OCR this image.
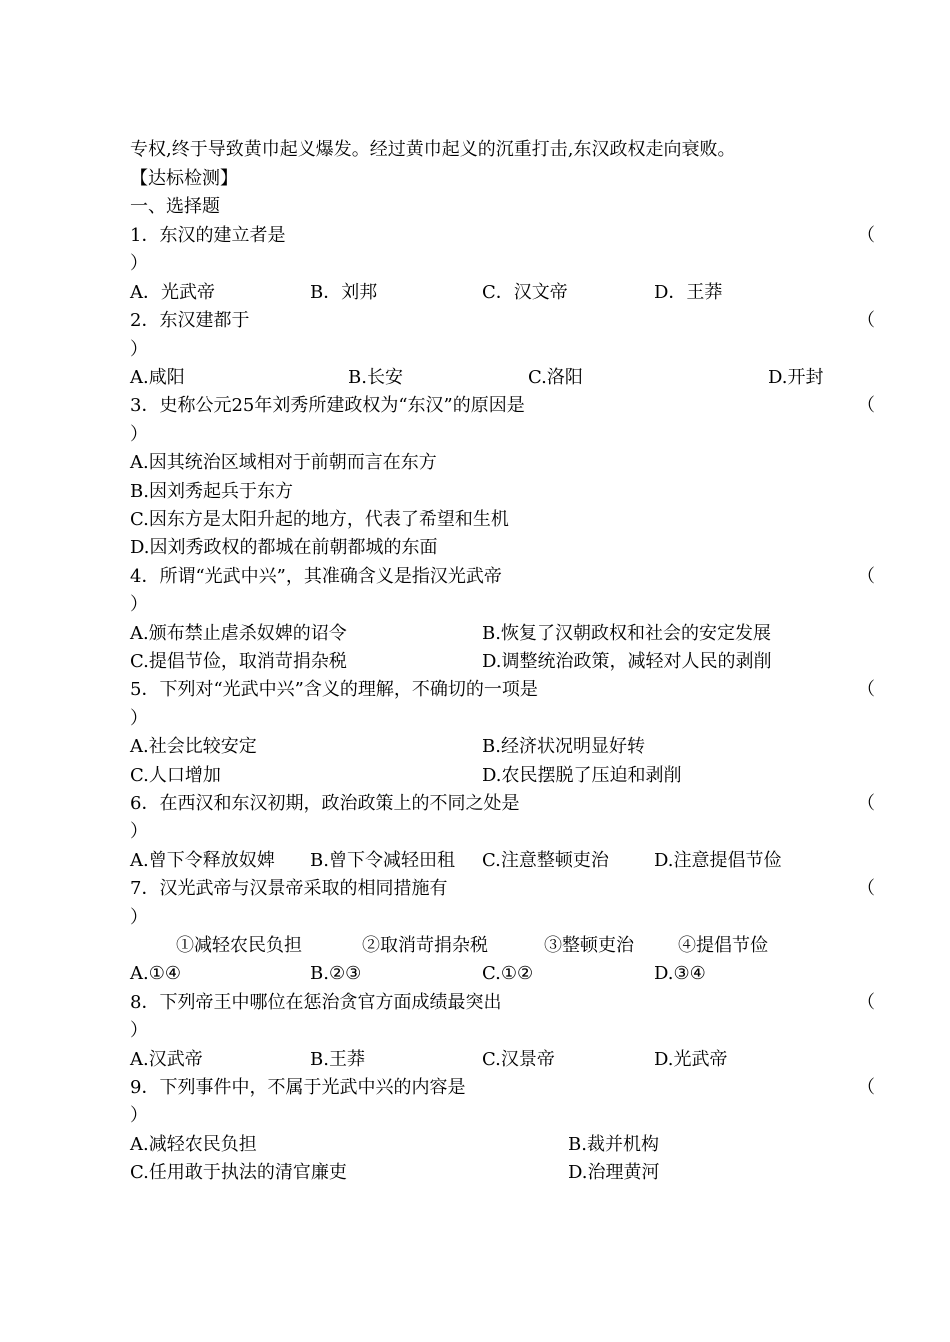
专权,终于导致黄巾起义爆发。经过黄巾起义的沉重打击,东汉政权走向衰败。
【达标检测】
一、选择题
1．东汉的建立者是	（
）
A．光武帝	B．刘邦	C．汉文帝	D．王莽
2．东汉建都于	（
）
A.咸阳	B.长安	C.洛阳	D.开封
3．史称公元25年刘秀所建政权为“东汉”的原因是	（
）
A.因其统治区域相对于前朝而言在东方
B.因刘秀起兵于东方
C.因东方是太阳升起的地方，代表了希望和生机
D.因刘秀政权的都城在前朝都城的东面
4．所谓“光武中兴”，其准确含义是指汉光武帝	（
）
A.颁布禁止虐杀奴婢的诏令	B.恢复了汉朝政权和社会的安定发展
C.提倡节俭，取消苛捐杂税	D.调整统治政策，减轻对人民的剥削
5．下列对“光武中兴”含义的理解，不确切的一项是	（
）
A.社会比较安定	B.经济状况明显好转
C.人口增加	D.农民摆脱了压迫和剥削
6．在西汉和东汉初期，政治政策上的不同之处是	（
）
A.曾下令释放奴婢 B.曾下令减轻田租 C.注意整顿吏治	D.注意提倡节俭
7．汉光武帝与汉景帝采取的相同措施有	（
）
①减轻农民负担	②取消苛捐杂税	③整顿吏治 ④提倡节俭
A.①④	B.②③	C.①②	D.③④
8．下列帝王中哪位在惩治贪官方面成绩最突出	（
）
A.汉武帝	B.王莽	C.汉景帝	D.光武帝
9．下列事件中，不属于光武中兴的内容是	（
）
A.减轻农民负担	B.裁并机构
C.任用敢于执法的清官廉吏	D.治理黄河
